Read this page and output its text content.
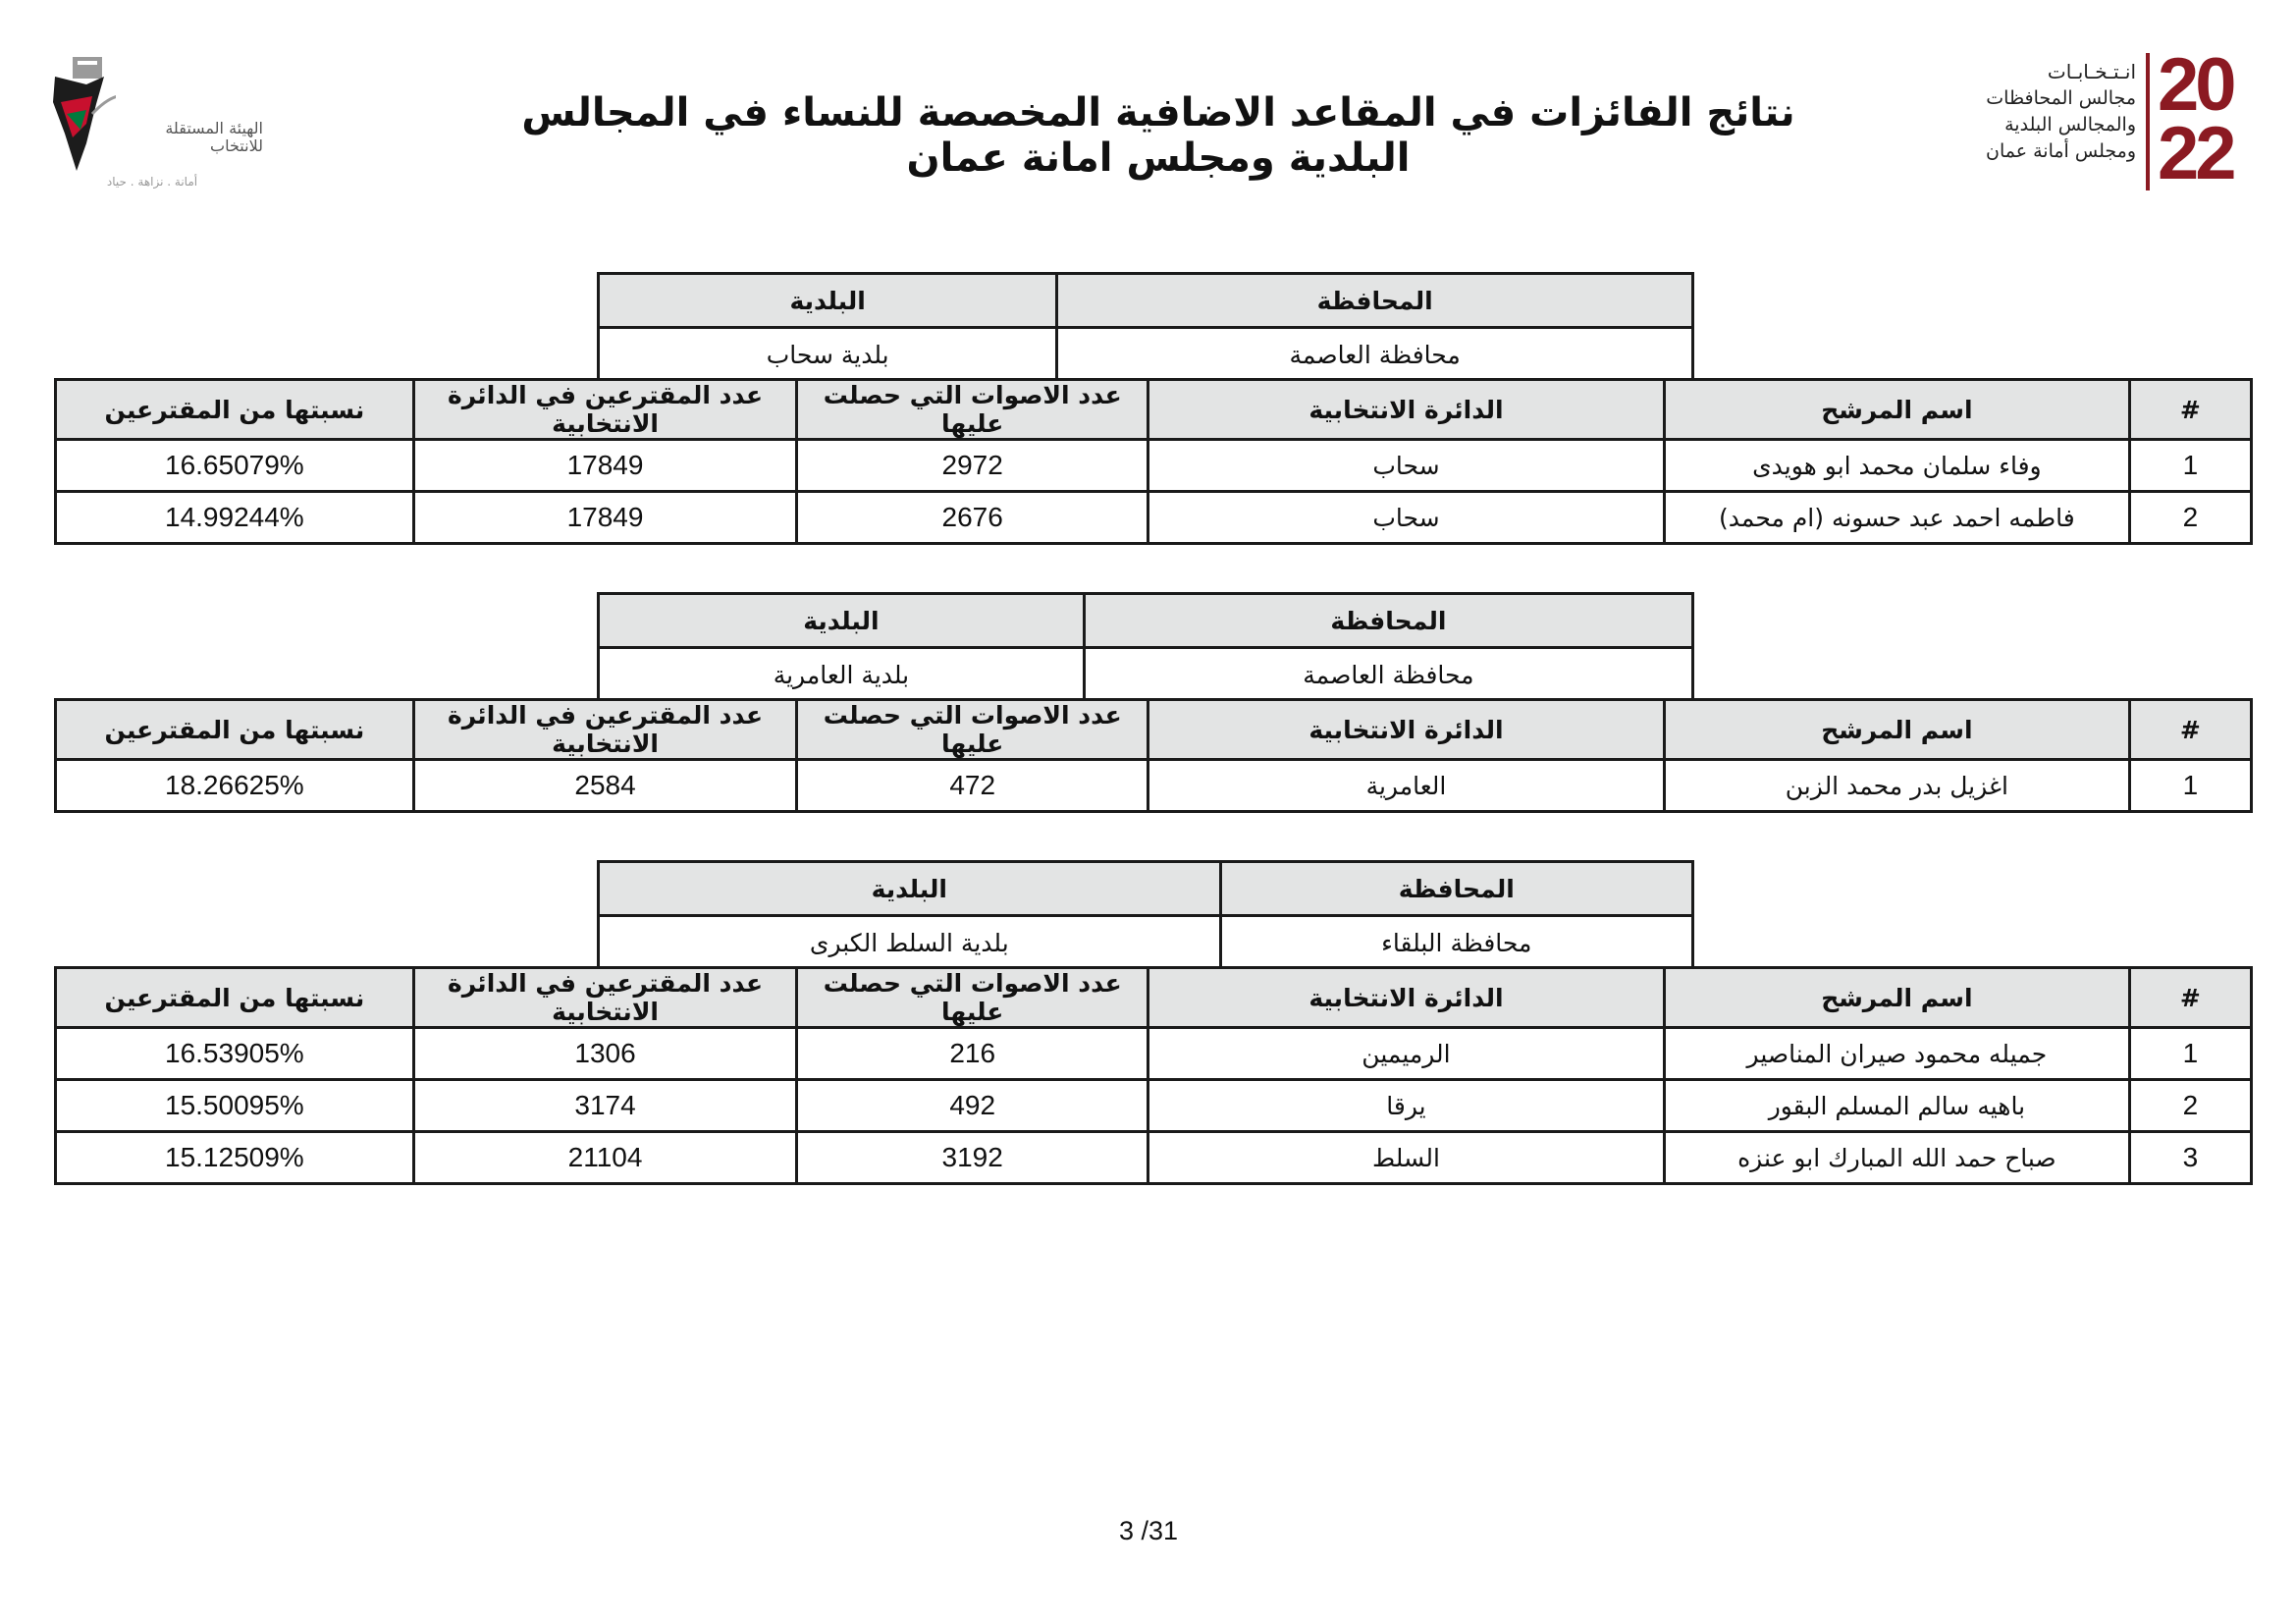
الهيئة المستقلة
للانتخاب
أمانة . نزاهة . حياد
نتائج الفائزات في المقاعد الاضافية المخصصة للنساء في المجالس البلدية ومجلس امانة عمان
انـتـخـابـات
مجالس المحافظات
والمجالس البلدية
ومجلس أمانة عمان
20
22
المحافظة	البلدية
محافظة العاصمة	بلدية سحاب
#	اسم المرشح	الدائرة الانتخابية	عدد الاصوات التي حصلت عليها	عدد المقترعين في الدائرة الانتخابية	نسبتها من المقترعين
1	وفاء سلمان محمد ابو هويدى	سحاب	2972	17849	16.65079%
2	فاطمه احمد عبد حسونه (ام محمد)	سحاب	2676	17849	14.99244%
المحافظة	البلدية
محافظة العاصمة	بلدية العامرية
#	اسم المرشح	الدائرة الانتخابية	عدد الاصوات التي حصلت عليها	عدد المقترعين في الدائرة الانتخابية	نسبتها من المقترعين
1	اغزيل بدر محمد الزبن	العامرية	472	2584	18.26625%
المحافظة	البلدية
محافظة البلقاء	بلدية السلط الكبرى
#	اسم المرشح	الدائرة الانتخابية	عدد الاصوات التي حصلت عليها	عدد المقترعين في الدائرة الانتخابية	نسبتها من المقترعين
1	جميله محمود صيران المناصير	الرميمين	216	1306	16.53905%
2	باهيه سالم المسلم البقور	يرقا	492	3174	15.50095%
3	صباح حمد الله المبارك ابو عنزه	السلط	3192	21104	15.12509%
3 /31
